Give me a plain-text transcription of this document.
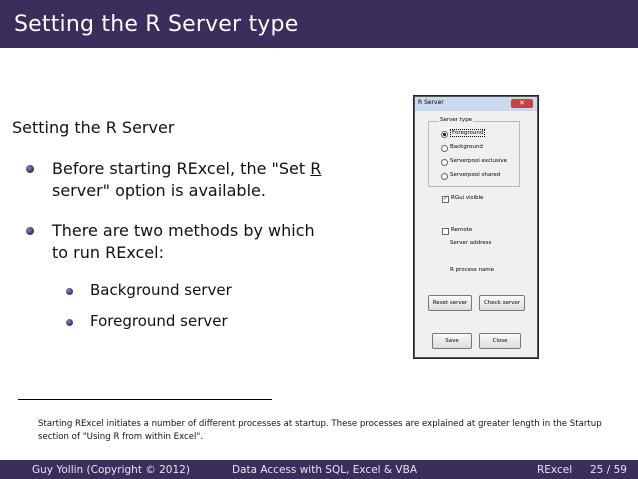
Setting the R Server type
Setting the R Server
Before starting RExcel, the "Set R server" option is available.
There are two methods by which to run RExcel:
Background server
Foreground server
R Server	✕
Server type
Foreground
Background
Serverpool exclusive
Serverpool shared
✓ RGui visible
Remote
Server address
R process name
Reset server	Check server
Save	Close
Starting RExcel initiates a number of different processes at startup. These processes are explained at greater length in the Startup section of "Using R from within Excel".
Guy Yollin (Copyright © 2012)	Data Access with SQL, Excel & VBA	RExcel 25 / 59
